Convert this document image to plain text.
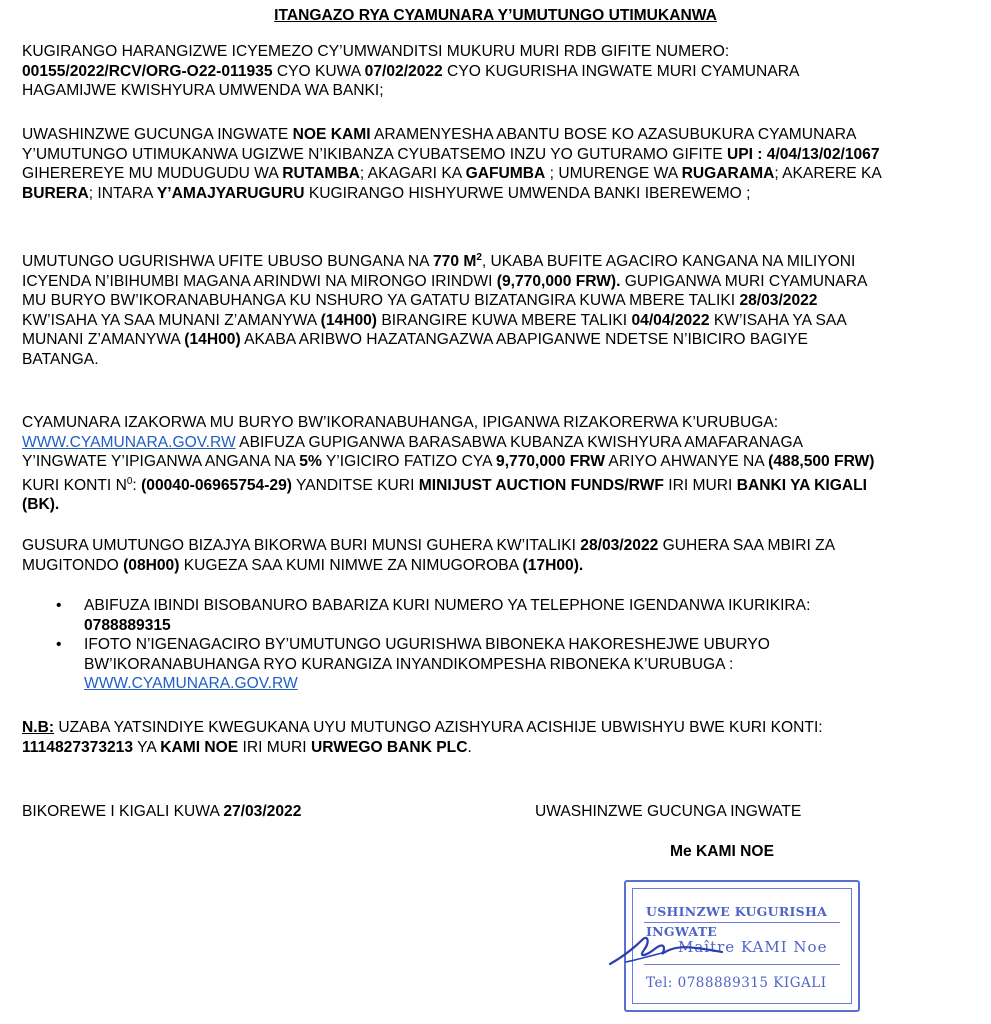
ITANGAZO RYA CYAMUNARA Y’UMUTUNGO UTIMUKANWA

KUGIRANGO HARANGIZWE ICYEMEZO CY’UMWANDITSI MUKURU MURI RDB GIFITE NUMERO:
00155/2022/RCV/ORG-O22-011935 CYO KUWA 07/02/2022 CYO KUGURISHA INGWATE MURI CYAMUNARA HAGAMIJWE KWISHYURA UMWENDA WA BANKI;

UWASHINZWE GUCUNGA INGWATE NOE KAMI ARAMENYESHA ABANTU BOSE KO AZASUBUKURA CYAMUNARA Y’UMUTUNGO UTIMUKANWA UGIZWE N’IKIBANZA CYUBATSEMO INZU YO GUTURAMO GIFITE UPI : 4/04/13/02/1067 GIHEREREYE MU MUDUGUDU WA RUTAMBA; AKAGARI KA GAFUMBA ; UMURENGE WA RUGARAMA; AKARERE KA BURERA; INTARA Y’AMAJYARUGURU KUGIRANGO HISHYURWE UMWENDA BANKI IBEREWEMO ;

UMUTUNGO UGURISHWA UFITE UBUSO BUNGANA NA 770 $M^2$, UKABA BUFITE AGACIRO KANGANA NA MILIYONI ICYENDA N’IBIHUMBI MAGANA ARINDWI NA MIRONGO IRINDWI (9,770,000 FRW). GUPIGANWA MURI CYAMUNARA MU BURYO BW’IKORANABUHANGA KU NSHURO YA GATATU BIZATANGIRA KUWA MBERE TALIKI 28/03/2022 KW’ISAHA YA SAA MUNANI Z’AMANYWA (14H00) BIRANGIRE KUWA MBERE TALIKI 04/04/2022 KW’ISAHA YA SAA MUNANI Z’AMANYWA (14H00) AKABA ARIBWO HAZATANGAZWA ABAPIGANWE NDETSE N’IBICIRO BAGIYE BATANGA.

CYAMUNARA IZAKORWA MU BURYO BW’IKORANABUHANGA, IPIGANWA RIZAKORERWA K’URUBUGA: WWW.CYAMUNARA.GOV.RW ABIFUZA GUPIGANWA BARASABWA KUBANZA KWISHYURA AMAFARANAGA Y’INGWATE Y’IPIGANWA ANGANA NA 5% Y’IGICIRO FATIZO CYA 9,770,000 FRW ARIYO AHWANYE NA (488,500 FRW) KURI KONTI $N^0$: (00040-06965754-29) YANDITSE KURI MINIJUST AUCTION FUNDS/RWF IRI MURI BANKI YA KIGALI (BK).

GUSURA UMUTUNGO BIZAJYA BIKORWA BURI MUNSI GUHERA KW’ITALIKI 28/03/2022 GUHERA SAA MBIRI ZA MUGITONDO (08H00) KUGEZA SAA KUMI NIMWE ZA NIMUGOROBA (17H00).

• ABIFUZA IBINDI BISOBANURO BABARIZA KURI NUMERO YA TELEPHONE IGENDANWA IKURIKIRA: 0788889315
• IFOTO N’IGENAGACIRO BY’UMUTUNGO UGURISHWA BIBONEKA HAKORESHEJWE UBURYO BW’IKORANABUHANGA RYO KURANGIZA INYANDIKOMPESHA RIBONEKA K’URUBUGA : WWW.CYAMUNARA.GOV.RW

N.B: UZABA YATSINDIYE KWEGUKANA UYU MUTUNGO AZISHYURA ACISHIJE UBWISHYU BWE KURI KONTI: 1114827373213 YA KAMI NOE IRI MURI URWEGO BANK PLC.

BIKOREWE I KIGALI KUWA 27/03/2022	UWASHINZWE GUCUNGA INGWATE
Me KAMI NOE
USHINZWE KUGURISHA INGWATE
Maître KAMI Noe
Tel: 0788889315 KIGALI
